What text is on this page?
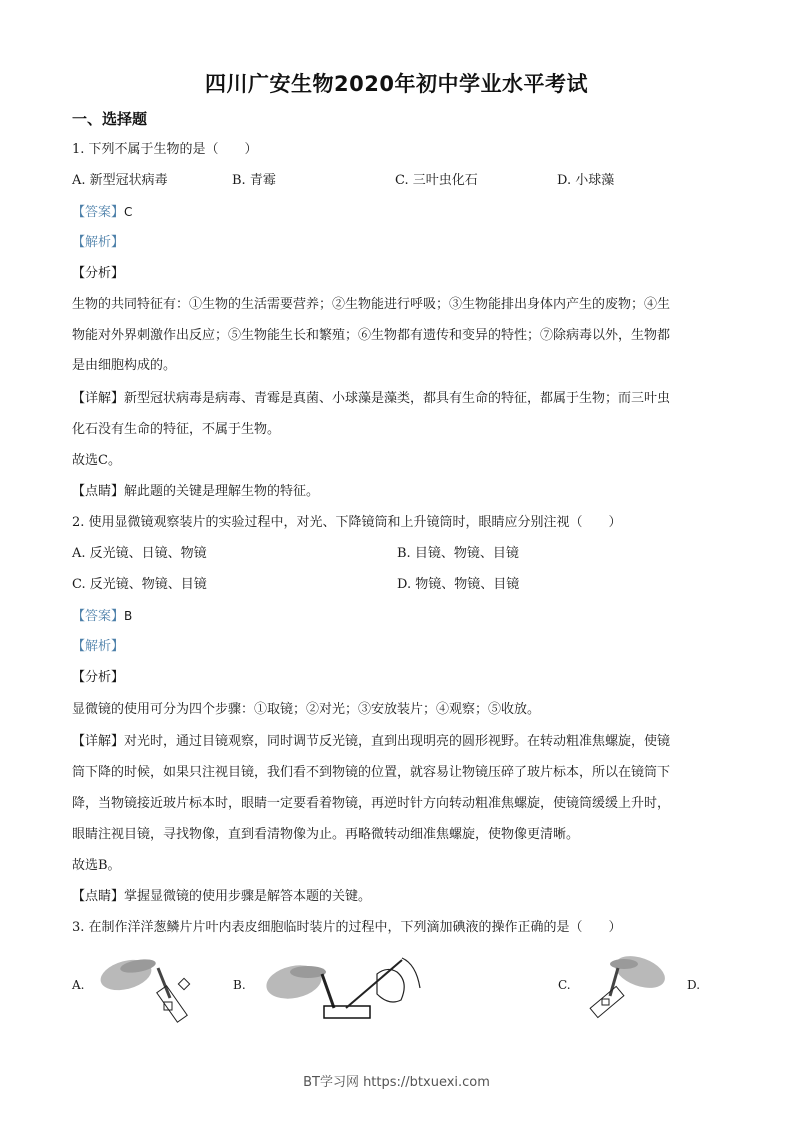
四川广安生物2020年初中学业水平考试
一、选择题
1. 下列不属于生物的是（　　）
A. 新型冠状病毒	B. 青霉	C. 三叶虫化石	D. 小球藻
【答案】C
【解析】
【分析】
生物的共同特征有：①生物的生活需要营养；②生物能进行呼吸；③生物能排出身体内产生的废物；④生
物能对外界刺激作出反应；⑤生物能生长和繁殖；⑥生物都有遗传和变异的特性；⑦除病毒以外，生物都
是由细胞构成的。
【详解】新型冠状病毒是病毒、青霉是真菌、小球藻是藻类，都具有生命的特征，都属于生物；而三叶虫
化石没有生命的特征，不属于生物。
故选C。
【点睛】解此题的关键是理解生物的特征。
2. 使用显微镜观察装片的实验过程中，对光、下降镜筒和上升镜筒时，眼睛应分别注视（　　）
A. 反光镜、日镜、物镜	B. 目镜、物镜、目镜
C. 反光镜、物镜、目镜	D. 物镜、物镜、目镜
【答案】B
【解析】
【分析】
显微镜的使用可分为四个步骤：①取镜；②对光；③安放装片；④观察；⑤收放。
【详解】对光时，通过目镜观察，同时调节反光镜，直到出现明亮的圆形视野。在转动粗准焦螺旋，使镜
筒下降的时候，如果只注视目镜，我们看不到物镜的位置，就容易让物镜压碎了玻片标本，所以在镜筒下
降，当物镜接近玻片标本时，眼睛一定要看着物镜，再逆时针方向转动粗准焦螺旋，使镜筒缓缓上升时，
眼睛注视目镜，寻找物像，直到看清物像为止。再略微转动细准焦螺旋，使物像更清晰。
故选B。
【点睛】掌握显微镜的使用步骤是解答本题的关键。
3. 在制作洋洋葱鳞片片叶内表皮细胞临时装片的过程中，下列滴加碘液的操作正确的是（　　）
A.	B.	C.	D.
BT学习网 https://btxuexi.com
